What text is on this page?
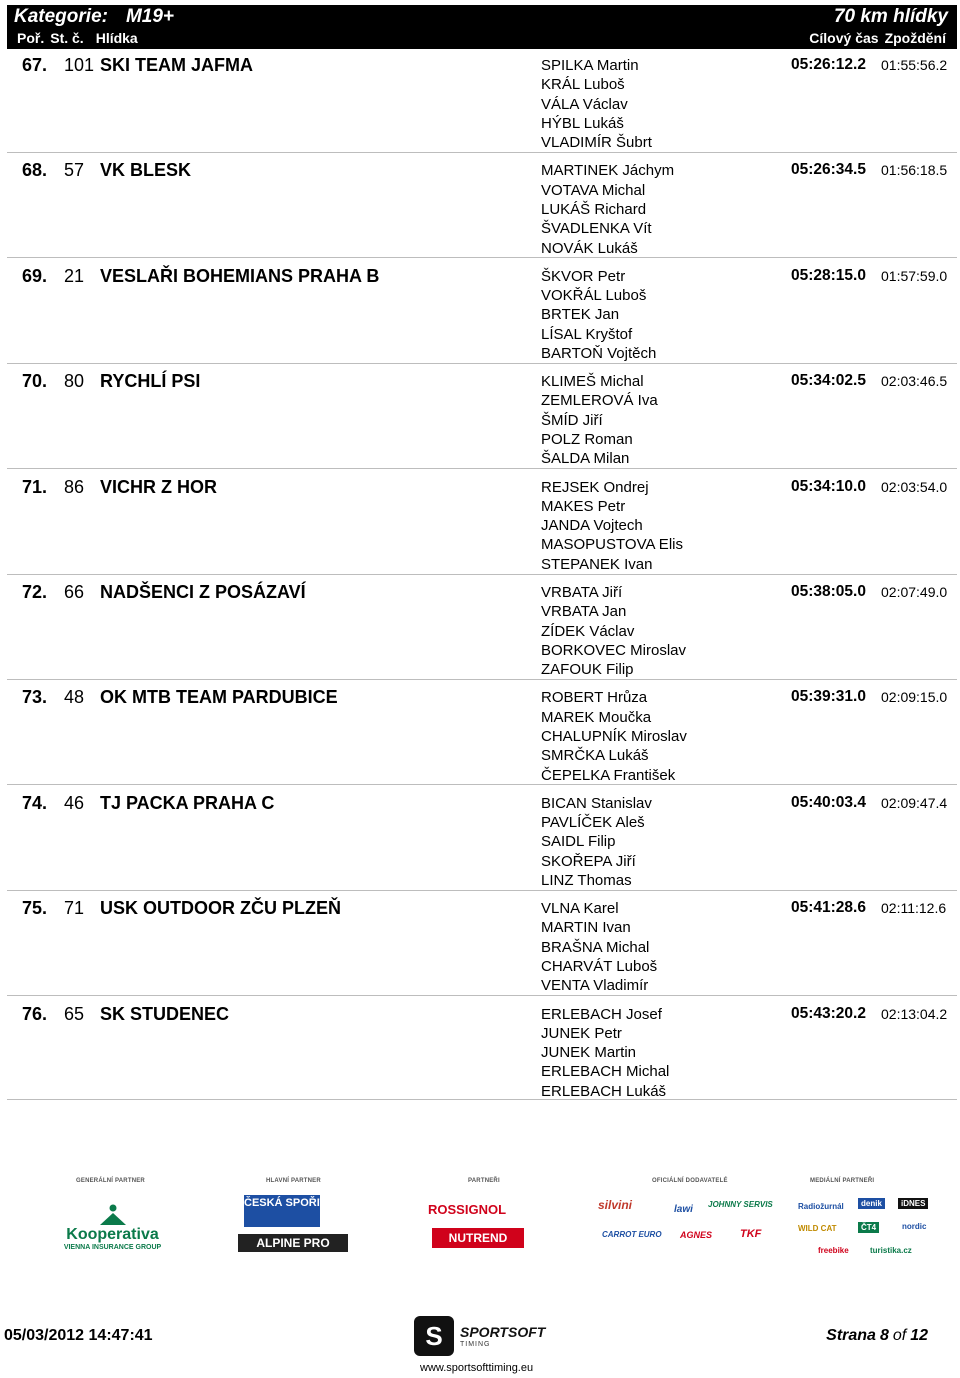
Kategorie: M19+	70 km hlídky
Poř. St. č. Hlídka	Cílový čas Zpoždění
67. 101 SKI TEAM JAFMA	05:26:12.2 01:55:56.2
SPILKA Martin
KRÁL Luboš
VÁLA Václav
HÝBL Lukáš
VLADIMÍR Šubrt
68. 57 VK BLESK	05:26:34.5 01:56:18.5
MARTINEK Jáchym
VOTAVA Michal
LUKÁŠ Richard
ŠVADLENKA Vít
NOVÁK Lukáš
69. 21 VESLAŘI BOHEMIANS PRAHA B	05:28:15.0 01:57:59.0
ŠKVOR Petr
VOKŘÁL Luboš
BRTEK Jan
LÍSAL Kryštof
BARTOŇ Vojtěch
70. 80 RYCHLÍ PSI	05:34:02.5 02:03:46.5
KLIMEŠ Michal
ZEMLEROVÁ Iva
ŠMÍD Jiří
POLZ Roman
ŠALDA Milan
71. 86 VICHR Z HOR	05:34:10.0 02:03:54.0
REJSEK Ondrej
MAKES Petr
JANDA Vojtech
MASOPUSTOVA Elis
STEPANEK Ivan
72. 66 NADŠENCI Z POSÁZAVÍ	05:38:05.0 02:07:49.0
VRBATA Jiří
VRBATA Jan
ZÍDEK Václav
BORKOVEC Miroslav
ZAFOUK Filip
73. 48 OK MTB TEAM PARDUBICE	05:39:31.0 02:09:15.0
ROBERT Hrůza
MAREK Moučka
CHALUPNÍK Miroslav
SMRČKA Lukáš
ČEPELKA František
74. 46 TJ PACKA PRAHA C	05:40:03.4 02:09:47.4
BICAN Stanislav
PAVLÍČEK Aleš
SAIDL Filip
SKOŘEPA Jiří
LINZ Thomas
75. 71 USK OUTDOOR ZČU PLZEŇ	05:41:28.6 02:11:12.6
VLNA Karel
MARTIN Ivan
BRAŠNA Michal
CHARVÁT Luboš
VENTA Vladimír
76. 65 SK STUDENEC	05:43:20.2 02:13:04.2
ERLEBACH Josef
JUNEK Petr
JUNEK Martin
ERLEBACH Michal
ERLEBACH Lukáš
GENERÁLNÍ PARTNER	HLAVNÍ PARTNER	PARTNEŘI	OFICIÁLNÍ DODAVATELÉ	MEDIÁLNÍ PARTNEŘI
Kooperativa
VIENNA INSURANCE GROUP
ČESKÁ SPOŘITELNA
ALPINE PRO
ROSSIGNOL
NUTREND
silvini	lawi JOHNNY SERVIS
CARROT EURO AGNES	TKF
Radiožurnál	denik	iDNES
WILD CAT	ČT4	nordic
freebike	turistika.cz
05/03/2012 14:47:41	S	SPORTSOFT
TIMING
www.sportsofttiming.eu
Strana 8 of 12
